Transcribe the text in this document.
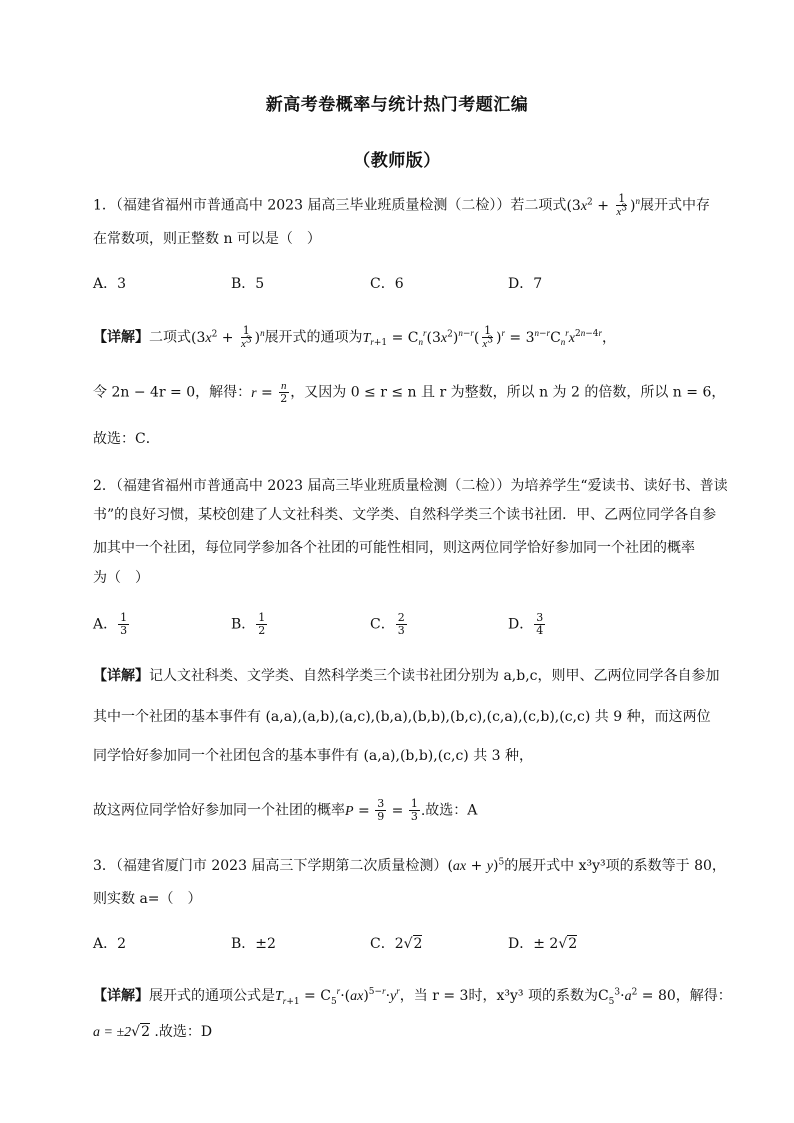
新高考卷概率与统计热门考题汇编
（教师版）
1．（福建省福州市普通高中 2023 届高三毕业班质量检测（二检））若二项式$(3x^2 + \frac{1}{x^3} )^n$展开式中存
在常数项，则正整数 n 可以是（　）
A．3	B．5	C．6	D．7
【详解】二项式$(3x^2 + \frac{1}{x^3} )^n$展开式的通项为$T_{r+1} = C_n^r(3x^2)^{n-r}( \frac{1}{x^3} )^r = 3^{n-r}C_n^rx^{2n-4r}$，
令 2n − 4r = 0，解得：$r = \frac{n}{2}$ ，又因为 0 ≤ r ≤ n 且 r 为整数，所以 n 为 2 的倍数，所以 n = 6，
故选：C．
2．（福建省福州市普通高中 2023 届高三毕业班质量检测（二检））为培养学生“爱读书、读好书、普读
书”的良好习惯，某校创建了人文社科类、文学类、自然科学类三个读书社团．甲、乙两位同学各自参
加其中一个社团，每位同学参加各个社团的可能性相同，则这两位同学恰好参加同一个社团的概率
为（　）
A． $\frac{1}{3}$	B． $\frac{1}{2}$	C． $\frac{2}{3}$	D． $\frac{3}{4}$
【详解】记人文社科类、文学类、自然科学类三个读书社团分别为 a,b,c，则甲、乙两位同学各自参加
其中一个社团的基本事件有 (a,a),(a,b),(a,c),(b,a),(b,b),(b,c),(c,a),(c,b),(c,c) 共 9 种，而这两位
同学恰好参加同一个社团包含的基本事件有 (a,a),(b,b),(c,c) 共 3 种，
故这两位同学恰好参加同一个社团的概率$P = \frac{3}{9} = \frac{1}{3}$ .故选：A
3．（福建省厦门市 2023 届高三下学期第二次质量检测）(ax + y)$^5$的展开式中 x³y³项的系数等于 80，
则实数 a=（　）
A．2	B．±2	C．2√2	D．± 2√2
【详解】展开式的通项公式是$T_{r+1} = C_5^r\cdot(ax)^{5-r}\cdot y^r$，当 r = 3时，x³y³ 项的系数为$C_5^3\cdot a^2 = 80$，解得：
a = ±2√2 .故选：D
